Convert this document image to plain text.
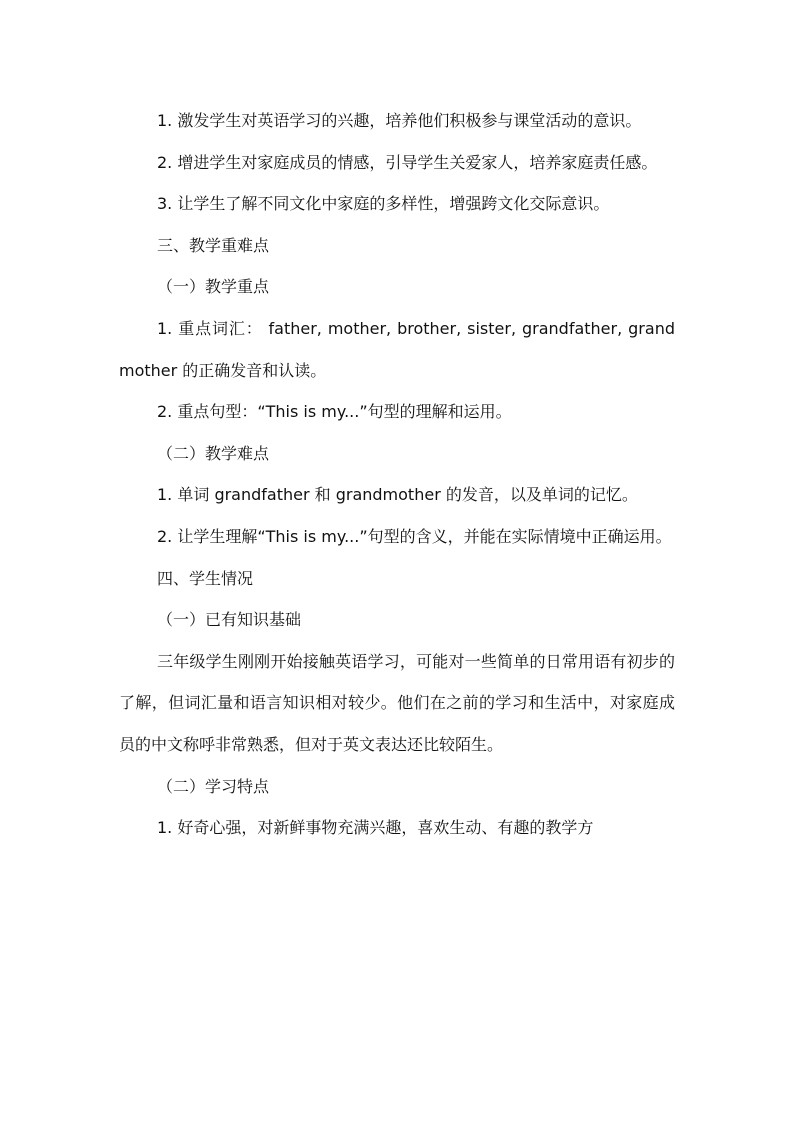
1. 激发学生对英语学习的兴趣，培养他们积极参与课堂活动的意识。

2. 增进学生对家庭成员的情感，引导学生关爱家人，培养家庭责任感。

3. 让学生了解不同文化中家庭的多样性，增强跨文化交际意识。

三、教学重难点

（一）教学重点

1. 重点词汇： father, mother, brother, sister, grandfather, grandmother 的正确发音和认读。

2. 重点句型：“This is my...”句型的理解和运用。

（二）教学难点

1. 单词 grandfather 和 grandmother 的发音，以及单词的记忆。

2. 让学生理解“This is my...”句型的含义，并能在实际情境中正确运用。

四、学生情况

（一）已有知识基础

三年级学生刚刚开始接触英语学习，可能对一些简单的日常用语有初步的了解，但词汇量和语言知识相对较少。他们在之前的学习和生活中，对家庭成员的中文称呼非常熟悉，但对于英文表达还比较陌生。

（二）学习特点

1. 好奇心强，对新鲜事物充满兴趣，喜欢生动、有趣的教学方
